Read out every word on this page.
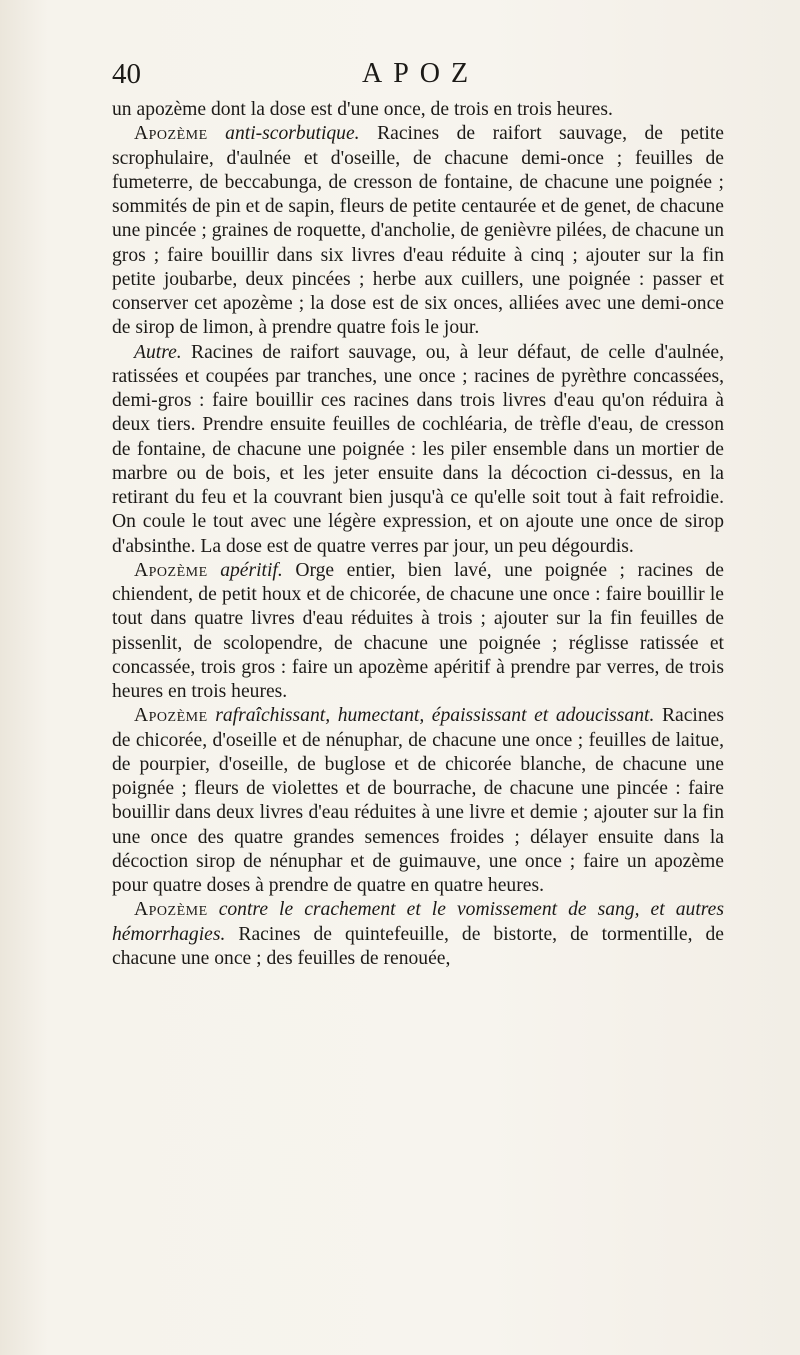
40	APOZ

un apozème dont la dose est d'une once, de trois en trois heures.

Apozème anti-scorbutique. Racines de raifort sauvage, de petite scrophulaire, d'aulnée et d'oseille, de chacune demi-once ; feuilles de fumeterre, de beccabunga, de cresson de fontaine, de chacune une poignée ; sommités de pin et de sapin, fleurs de petite centaurée et de genet, de chacune une pincée ; graines de roquette, d'ancholie, de genièvre pilées, de chacune un gros ; faire bouillir dans six livres d'eau réduite à cinq ; ajouter sur la fin petite joubarbe, deux pincées ; herbe aux cuillers, une poignée : passer et conserver cet apozème ; la dose est de six onces, alliées avec une demi-once de sirop de limon, à prendre quatre fois le jour.

Autre. Racines de raifort sauvage, ou, à leur défaut, de celle d'aulnée, ratissées et coupées par tranches, une once ; racines de pyrèthre concassées, demi-gros : faire bouillir ces racines dans trois livres d'eau qu'on réduira à deux tiers. Prendre ensuite feuilles de cochléaria, de trèfle d'eau, de cresson de fontaine, de chacune une poignée : les piler ensemble dans un mortier de marbre ou de bois, et les jeter ensuite dans la décoction ci-dessus, en la retirant du feu et la couvrant bien jusqu'à ce qu'elle soit tout à fait refroidie. On coule le tout avec une légère expression, et on ajoute une once de sirop d'absinthe. La dose est de quatre verres par jour, un peu dégourdis.

Apozème apéritif. Orge entier, bien lavé, une poignée ; racines de chiendent, de petit houx et de chicorée, de chacune une once : faire bouillir le tout dans quatre livres d'eau réduites à trois ; ajouter sur la fin feuilles de pissenlit, de scolopendre, de chacune une poignée ; réglisse ratissée et concassée, trois gros : faire un apozème apéritif à prendre par verres, de trois heures en trois heures.

Apozème rafraîchissant, humectant, épaississant et adoucissant. Racines de chicorée, d'oseille et de nénuphar, de chacune une once ; feuilles de laitue, de pourpier, d'oseille, de buglose et de chicorée blanche, de chacune une poignée ; fleurs de violettes et de bourrache, de chacune une pincée : faire bouillir dans deux livres d'eau réduites à une livre et demie ; ajouter sur la fin une once des quatre grandes semences froides ; délayer ensuite dans la décoction sirop de nénuphar et de guimauve, une once ; faire un apozème pour quatre doses à prendre de quatre en quatre heures.

Apozème contre le crachement et le vomissement de sang, et autres hémorrhagies. Racines de quintefeuille, de bistorte, de tormentille, de chacune une once ; des feuilles de renouée,
